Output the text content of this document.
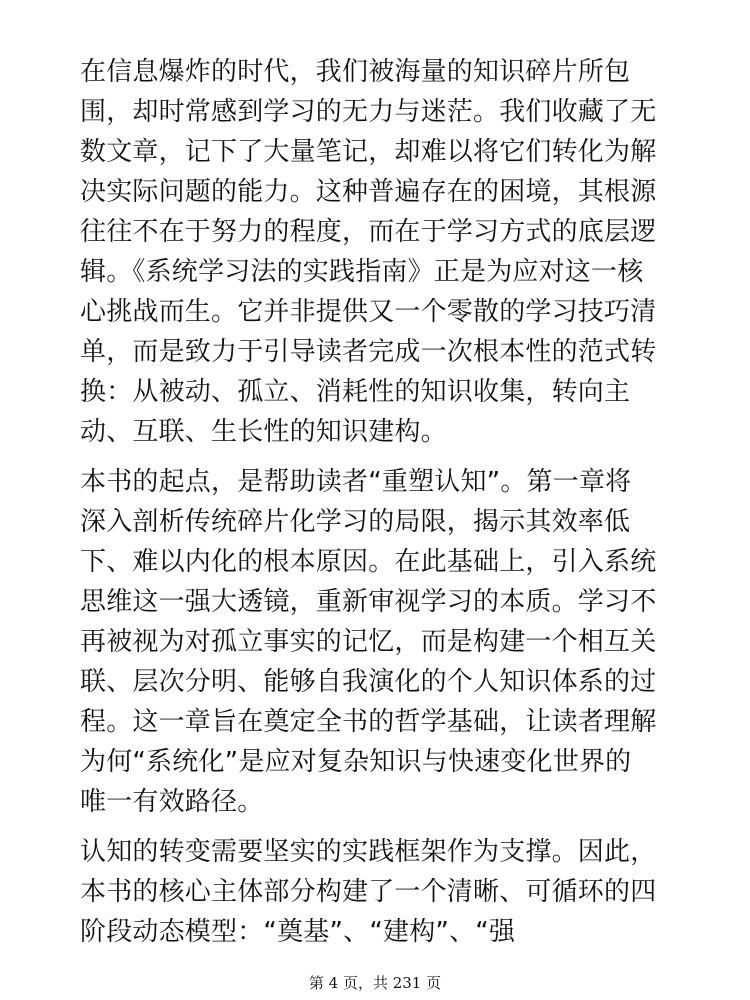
在信息爆炸的时代，我们被海量的知识碎片所包
围，却时常感到学习的无力与迷茫。我们收藏了无
数文章，记下了大量笔记，却难以将它们转化为解
决实际问题的能力。这种普遍存在的困境，其根源
往往不在于努力的程度，而在于学习方式的底层逻
辑。《系统学习法的实践指南》正是为应对这一核
心挑战而生。它并非提供又一个零散的学习技巧清
单，而是致力于引导读者完成一次根本性的范式转
换：从被动、孤立、消耗性的知识收集，转向主
动、互联、生长性的知识建构。
本书的起点，是帮助读者“重塑认知”。第一章将
深入剖析传统碎片化学习的局限，揭示其效率低
下、难以内化的根本原因。在此基础上，引入系统
思维这一强大透镜，重新审视学习的本质。学习不
再被视为对孤立事实的记忆，而是构建一个相互关
联、层次分明、能够自我演化的个人知识体系的过
程。这一章旨在奠定全书的哲学基础，让读者理解
为何“系统化”是应对复杂知识与快速变化世界的
唯一有效路径。
认知的转变需要坚实的实践框架作为支撑。因此，
本书的核心主体部分构建了一个清晰、可循环的四
阶段动态模型：“奠基”、“建构”、“强
第 4 页，共 231 页
